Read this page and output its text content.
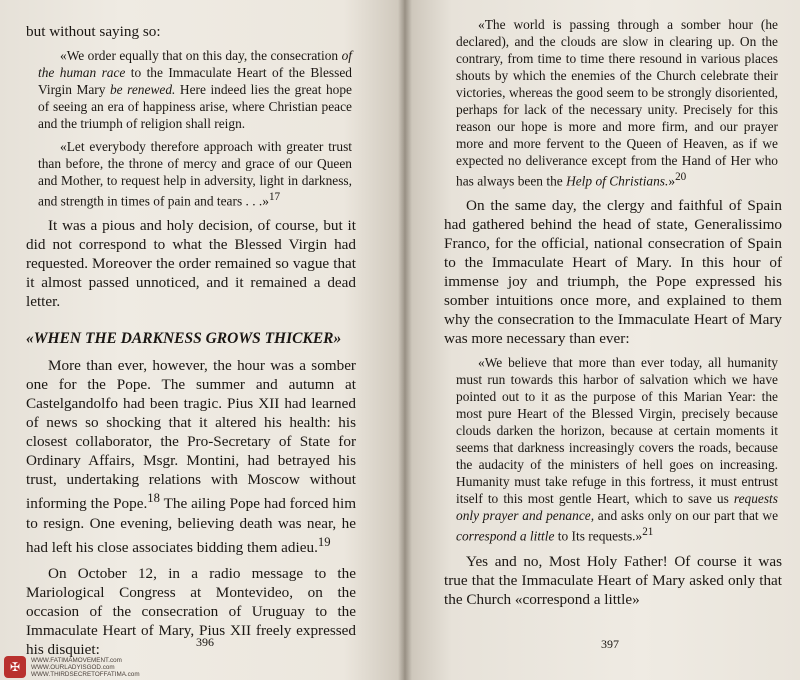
but without saying so:

«We order equally that on this day, the consecration of the human race to the Immaculate Heart of the Blessed Virgin Mary be renewed. Here indeed lies the great hope of seeing an era of happiness arise, where Christian peace and the triumph of religion shall reign.

«Let everybody therefore approach with greater trust than before, the throne of mercy and grace of our Queen and Mother, to request help in adversity, light in darkness, and strength in times of pain and tears . . .»$^{17}$

It was a pious and holy decision, of course, but it did not correspond to what the Blessed Virgin had requested. Moreover the order remained so vague that it almost passed unnoticed, and it remained a dead letter.

«WHEN THE DARKNESS GROWS THICKER»

More than ever, however, the hour was a somber one for the Pope. The summer and autumn at Castelgandolfo had been tragic. Pius XII had learned of news so shocking that it altered his health: his closest collaborator, the Pro-Secretary of State for Ordinary Affairs, Msgr. Montini, had betrayed his trust, undertaking relations with Moscow without informing the Pope.$^{18}$ The ailing Pope had forced him to resign. One evening, believing death was near, he had left his close associates bidding them adieu.$^{19}$

On October 12, in a radio message to the Mariological Congress at Montevideo, on the occasion of the consecration of Uruguay to the Immaculate Heart of Mary, Pius XII freely expressed his disquiet:	396
✠	WWW.FATIMAMOVEMENT.com
WWW.OURLADYISGOD.com
WWW.THIRDSECRETOFFATIMA.com

«The world is passing through a somber hour (he declared), and the clouds are slow in clearing up. On the contrary, from time to time there resound in various places shouts by which the enemies of the Church celebrate their victories, whereas the good seem to be strongly disoriented, perhaps for lack of the necessary unity. Precisely for this reason our hope is more and more firm, and our prayer more and more fervent to the Queen of Heaven, as if we expected no deliverance except from the Hand of Her who has always been the Help of Christians.»$^{20}$

On the same day, the clergy and faithful of Spain had gathered behind the head of state, Generalissimo Franco, for the official, national consecration of Spain to the Immaculate Heart of Mary. In this hour of immense joy and triumph, the Pope expressed his somber intuitions once more, and explained to them why the consecration to the Immaculate Heart of Mary was more necessary than ever:

«We believe that more than ever today, all humanity must run towards this harbor of salvation which we have pointed out to it as the purpose of this Marian Year: the most pure Heart of the Blessed Virgin, precisely because clouds darken the horizon, because at certain moments it seems that darkness increasingly covers the roads, because the audacity of the ministers of hell goes on increasing. Humanity must take refuge in this fortress, it must entrust itself to this most gentle Heart, which to save us requests only prayer and penance, and asks only on our part that we correspond a little to Its requests.»$^{21}$

Yes and no, Most Holy Father! Of course it was true that the Immaculate Heart of Mary asked only that the Church «correspond a little»

397
